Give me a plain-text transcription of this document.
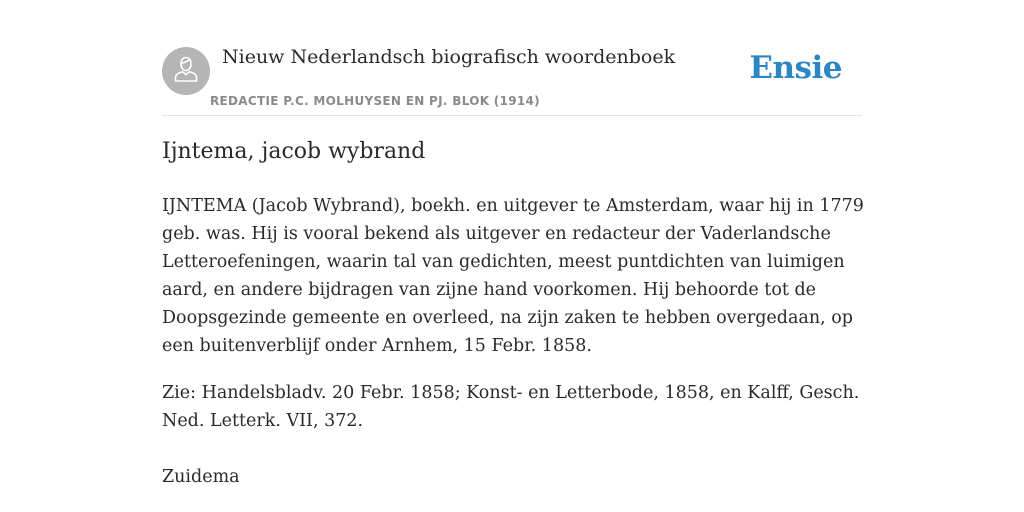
Nieuw Nederlandsch biografisch woordenboek
REDACTIE P.C. MOLHUYSEN EN PJ. BLOK (1914)
Ensie
Ijntema, jacob wybrand

IJNTEMA (Jacob Wybrand), boekh. en uitgever te Amsterdam, waar hij in 1779 geb. was. Hij is vooral bekend als uitgever en redacteur der Vaderlandsche Letteroefeningen, waarin tal van gedichten, meest puntdichten van luimigen aard, en andere bijdragen van zijne hand voorkomen. Hij behoorde tot de Doopsgezinde gemeente en overleed, na zijn zaken te hebben overgedaan, op een buitenverblijf onder Arnhem, 15 Febr. 1858.

Zie: Handelsbladv. 20 Febr. 1858; Konst- en Letterbode, 1858, en Kalff, Gesch. Ned. Letterk. VII, 372.

Zuidema
